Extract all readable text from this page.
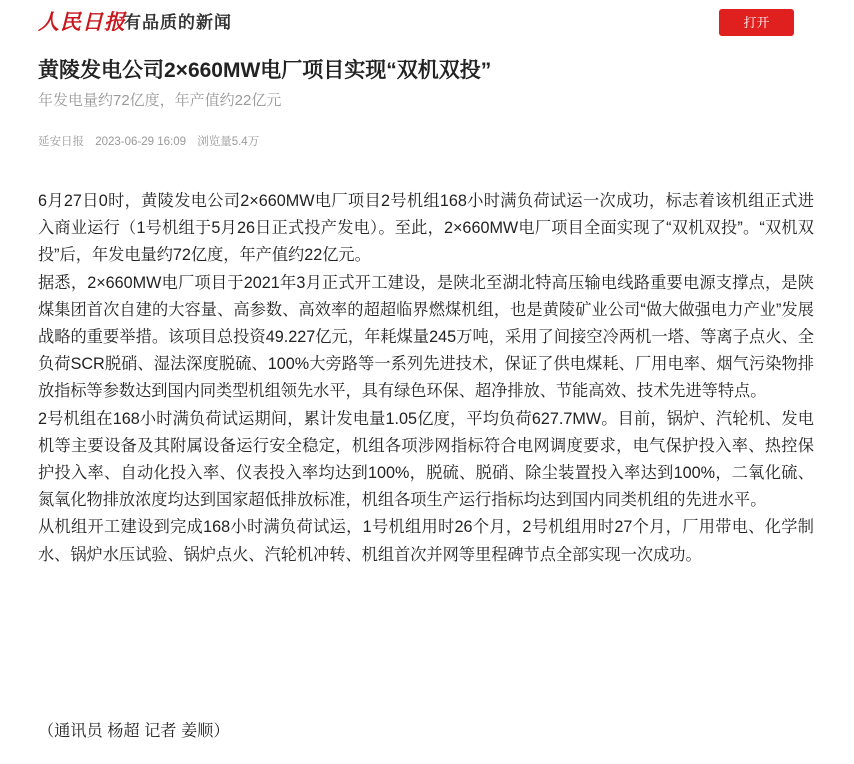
人民日报
有品质的新闻	打开
黄陵发电公司2×660MW电厂项目实现“双机双投”
年发电量约72亿度，年产值约22亿元
延安日报 2023-06-29 16:09 浏览量5.4万

6月27日0时，黄陵发电公司2×660MW电厂项目2号机组168小时满负荷试运一次成功，标志着该机组正式进入商业运行（1号机组于5月26日正式投产发电）。至此，2×660MW电厂项目全面实现了“双机双投”。“双机双投”后，年发电量约72亿度，年产值约22亿元。

据悉，2×660MW电厂项目于2021年3月正式开工建设，是陕北至湖北特高压输电线路重要电源支撑点，是陕煤集团首次自建的大容量、高参数、高效率的超超临界燃煤机组，也是黄陵矿业公司“做大做强电力产业”发展战略的重要举措。该项目总投资49.227亿元，年耗煤量245万吨，采用了间接空冷两机一塔、等离子点火、全负荷SCR脱硝、湿法深度脱硫、100%大旁路等一系列先进技术，保证了供电煤耗、厂用电率、烟气污染物排放指标等参数达到国内同类型机组领先水平，具有绿色环保、超净排放、节能高效、技术先进等特点。

2号机组在168小时满负荷试运期间，累计发电量1.05亿度，平均负荷627.7MW。目前，锅炉、汽轮机、发电机等主要设备及其附属设备运行安全稳定，机组各项涉网指标符合电网调度要求，电气保护投入率、热控保护投入率、自动化投入率、仪表投入率均达到100%，脱硫、脱硝、除尘装置投入率达到100%，二氧化硫、氮氧化物排放浓度均达到国家超低排放标准，机组各项生产运行指标均达到国内同类机组的先进水平。

从机组开工建设到完成168小时满负荷试运，1号机组用时26个月，2号机组用时27个月，厂用带电、化学制水、锅炉水压试验、锅炉点火、汽轮机冲转、机组首次并网等里程碑节点全部实现一次成功。

（通讯员 杨超 记者 姜顺）
